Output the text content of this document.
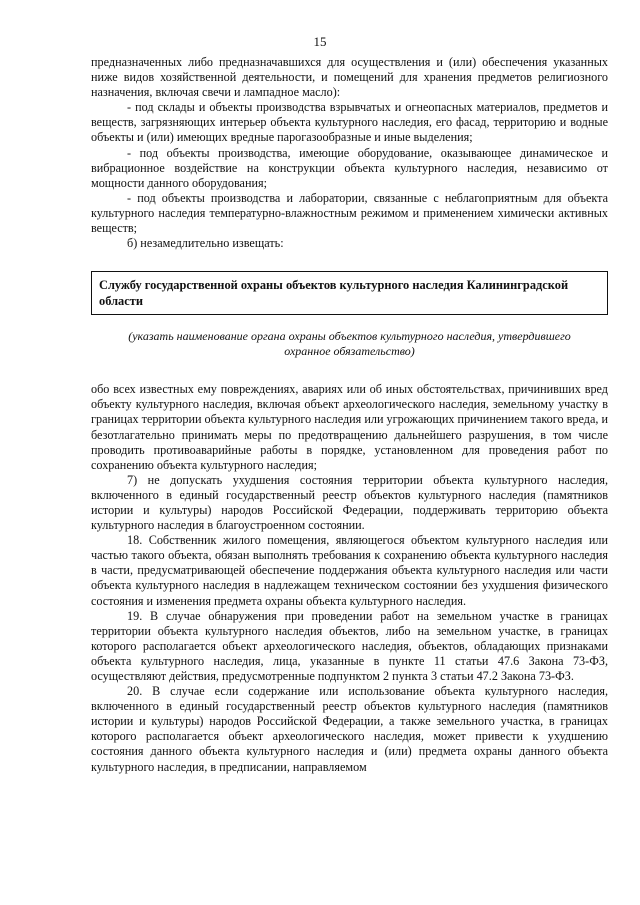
15

предназначенных либо предназначавшихся для осуществления и (или) обеспечения указанных ниже видов хозяйственной деятельности, и помещений для хранения предметов религиозного назначения, включая свечи и лампадное масло):

- под склады и объекты производства взрывчатых и огнеопасных материалов, предметов и веществ, загрязняющих интерьер объекта культурного наследия, его фасад, территорию и водные объекты и (или) имеющих вредные парогазообразные и иные выделения;

- под объекты производства, имеющие оборудование, оказывающее динамическое и вибрационное воздействие на конструкции объекта культурного наследия, независимо от мощности данного оборудования;

- под объекты производства и лаборатории, связанные с неблагоприятным для объекта культурного наследия температурно-влажностным режимом и применением химически активных веществ;

б) незамедлительно извещать:

Службу государственной охраны объектов культурного наследия Калининградской области
(указать наименование органа охраны объектов культурного наследия, утвердившего охранное обязательство)

обо всех известных ему повреждениях, авариях или об иных обстоятельствах, причинивших вред объекту культурного наследия, включая объект археологического наследия, земельному участку в границах территории объекта культурного наследия или угрожающих причинением такого вреда, и безотлагательно принимать меры по предотвращению дальнейшего разрушения, в том числе проводить противоаварийные работы в порядке, установленном для проведения работ по сохранению объекта культурного наследия;

7) не допускать ухудшения состояния территории объекта культурного наследия, включенного в единый государственный реестр объектов культурного наследия (памятников истории и культуры) народов Российской Федерации, поддерживать территорию объекта культурного наследия в благоустроенном состоянии.

18. Собственник жилого помещения, являющегося объектом культурного наследия или частью такого объекта, обязан выполнять требования к сохранению объекта культурного наследия в части, предусматривающей обеспечение поддержания объекта культурного наследия или части объекта культурного наследия в надлежащем техническом состоянии без ухудшения физического состояния и изменения предмета охраны объекта культурного наследия.

19. В случае обнаружения при проведении работ на земельном участке в границах территории объекта культурного наследия объектов, либо на земельном участке, в границах которого располагается объект археологического наследия, объектов, обладающих признаками объекта культурного наследия, лица, указанные в пункте 11 статьи 47.6 Закона 73-ФЗ, осуществляют действия, предусмотренные подпунктом 2 пункта 3 статьи 47.2 Закона 73-ФЗ.

20. В случае если содержание или использование объекта культурного наследия, включенного в единый государственный реестр объектов культурного наследия (памятников истории и культуры) народов Российской Федерации, а также земельного участка, в границах которого располагается объект археологического наследия, может привести к ухудшению состояния данного объекта культурного наследия и (или) предмета охраны данного объекта культурного наследия, в предписании, направляемом
